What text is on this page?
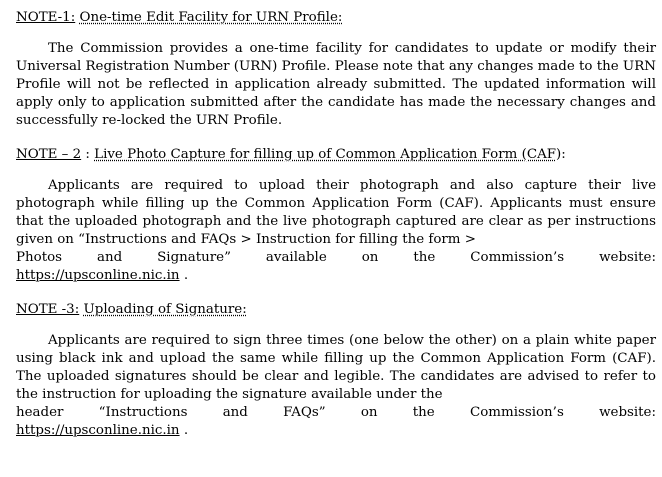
NOTE-1: One-time Edit Facility for URN Profile:

The Commission provides a one-time facility for candidates to update or modify their Universal Registration Number (URN) Profile. Please note that any changes made to the URN Profile will not be reflected in application already submitted. The updated information will apply only to application submitted after the candidate has made the necessary changes and successfully re-locked the URN Profile.

NOTE – 2 : Live Photo Capture for filling up of Common Application Form (CAF):

Applicants are required to upload their photograph and also capture their live photograph while filling up the Common Application Form (CAF). Applicants must ensure that the uploaded photograph and the live photograph captured are clear as per instructions given on “Instructions and FAQs > Instruction for filling the form >
Photos and Signature” available on the Commission’s website:
https://upsconline.nic.in .

NOTE -3: Uploading of Signature:

Applicants are required to sign three times (one below the other) on a plain white paper using black ink and upload the same while filling up the Common Application Form (CAF). The uploaded signatures should be clear and legible. The candidates are advised to refer to the instruction for uploading the signature available under the
header “Instructions and FAQs” on the Commission’s website:
https://upsconline.nic.in .
